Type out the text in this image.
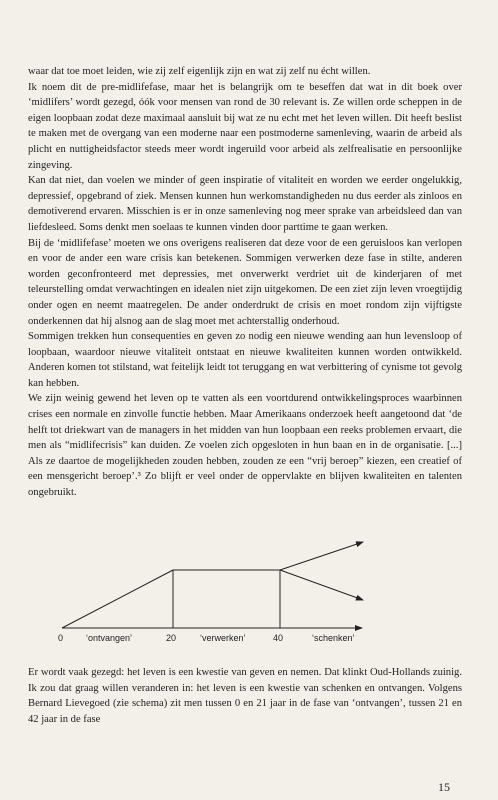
waar dat toe moet leiden, wie zij zelf eigenlijk zijn en wat zij zelf nu écht willen.

Ik noem dit de pre-midlifefase, maar het is belangrijk om te beseffen dat wat in dit boek over ‘midlifers’ wordt gezegd, óók voor mensen van rond de 30 relevant is. Ze willen orde scheppen in de eigen loopbaan zodat deze maximaal aansluit bij wat ze nu echt met het leven willen. Dit heeft beslist te maken met de overgang van een moderne naar een postmoderne samenleving, waarin de arbeid als plicht en nuttigheidsfactor steeds meer wordt ingeruild voor arbeid als zelfrealisatie en persoonlijke zingeving.

Kan dat niet, dan voelen we minder of geen inspiratie of vitaliteit en worden we eerder ongelukkig, depressief, opgebrand of ziek. Mensen kunnen hun werkomstandigheden nu dus eerder als zinloos en demotiverend ervaren. Misschien is er in onze samenleving nog meer sprake van arbeidsleed dan van liefdesleed. Soms denkt men soelaas te kunnen vinden door parttime te gaan werken.

Bij de ‘midlifefase’ moeten we ons overigens realiseren dat deze voor de een geruisloos kan verlopen en voor de ander een ware crisis kan betekenen. Sommigen verwerken deze fase in stilte, anderen worden geconfronteerd met depressies, met onverwerkt verdriet uit de kinderjaren of met teleurstelling omdat verwachtingen en idealen niet zijn uitgekomen. De een ziet zijn leven vroegtijdig onder ogen en neemt maatregelen. De ander onderdrukt de crisis en moet rondom zijn vijftigste onderkennen dat hij alsnog aan de slag moet met achterstallig onderhoud.

Sommigen trekken hun consequenties en geven zo nodig een nieuwe wending aan hun levensloop of loopbaan, waardoor nieuwe vitaliteit ontstaat en nieuwe kwaliteiten kunnen worden ontwikkeld. Anderen komen tot stilstand, wat feitelijk leidt tot teruggang en wat verbittering of cynisme tot gevolg kan hebben.

We zijn weinig gewend het leven op te vatten als een voortdurend ontwikkelingsproces waarbinnen crises een normale en zinvolle functie hebben. Maar Amerikaans onderzoek heeft aangetoond dat ‘de helft tot driekwart van de managers in het midden van hun loopbaan een reeks problemen ervaart, die men als “midlifecrisis” kan duiden. Ze voelen zich opgesloten in hun baan en in de organisatie. [...] Als ze daartoe de mogelijkheden zouden hebben, zouden ze een “vrij beroep” kiezen, een creatief of een mensgericht beroep’.³ Zo blijft er veel onder de oppervlakte en blijven kwaliteiten en talenten ongebruikt.

0	‘ontvangen’	20	‘verwerken’	40	‘schenken’

Er wordt vaak gezegd: het leven is een kwestie van geven en nemen. Dat klinkt Oud-Hollands zuinig. Ik zou dat graag willen veranderen in: het leven is een kwestie van schenken en ontvangen. Volgens Bernard Lievegoed (zie schema) zit men tussen 0 en 21 jaar in de fase van ‘ontvangen’, tussen 21 en 42 jaar in de fase

15
